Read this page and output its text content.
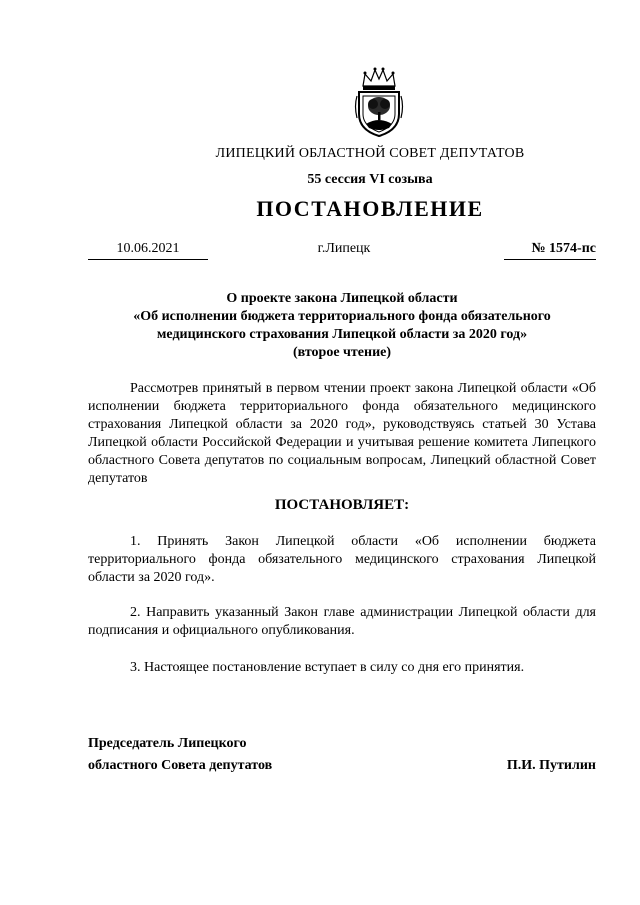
ЛИПЕЦКИЙ ОБЛАСТНОЙ СОВЕТ ДЕПУТАТОВ
55 сессия VI созыва
ПОСТАНОВЛЕНИЕ
10.06.2021	г.Липецк	№ 1574-пс
О проекте закона Липецкой области
«Об исполнении бюджета территориального фонда обязательного
медицинского страхования Липецкой области за 2020 год»
(второе чтение)

Рассмотрев принятый в первом чтении проект закона Липецкой области «Об исполнении бюджета территориального фонда обязательного медицинского страхования Липецкой области за 2020 год», руководствуясь статьей 30 Устава Липецкой области Российской Федерации и учитывая решение комитета Липецкого областного Совета депутатов по социальным вопросам, Липецкий областной Совет депутатов

ПОСТАНОВЛЯЕТ:

1. Принять Закон Липецкой области «Об исполнении бюджета территориального фонда обязательного медицинского страхования Липецкой области за 2020 год».

2. Направить указанный Закон главе администрации Липецкой области для подписания и официального опубликования.

3. Настоящее постановление вступает в силу со дня его принятия.

Председатель Липецкого
областного Совета депутатов	П.И. Путилин
